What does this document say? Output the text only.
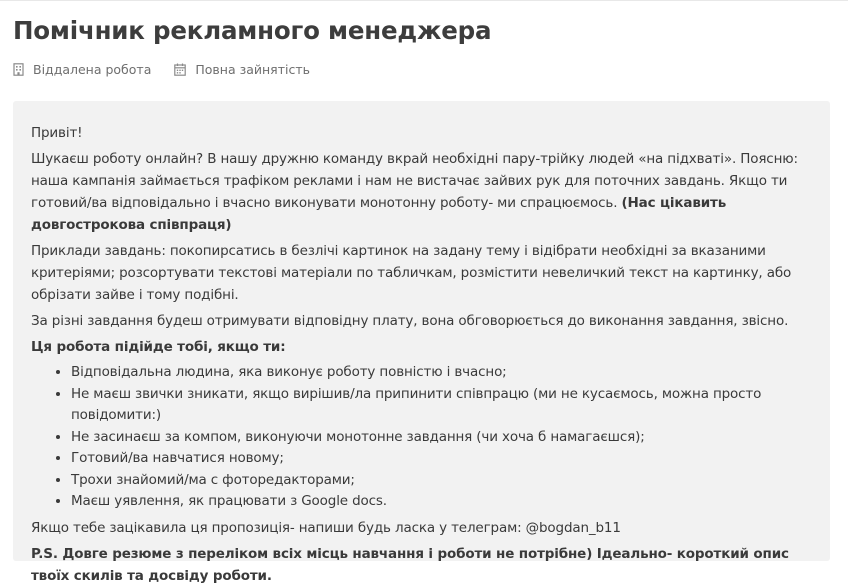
Помічник рекламного менеджера
Віддалена робота	Повна зайнятість

Привіт!

Шукаєш роботу онлайн? В нашу дружню команду вкрай необхідні пару-трійку людей «на підхваті». Поясню: наша кампанія займається трафіком реклами і нам не вистачає зайвих рук для поточних завдань. Якщо ти готовий/ва відповідально і вчасно виконувати монотонну роботу- ми спрацюємось. (Нас цікавить довгострокова співпраця)

Приклади завдань: покопирсатись в безлічі картинок на задану тему і відібрати необхідні за вказаними критеріями; розсортувати текстові матеріали по табличкам, розмістити невеличкий текст на картинку, або обрізати зайве і тому подібні.

За різні завдання будеш отримувати відповідну плату, вона обговорюється до виконання завдання, звісно.

Ця робота підійде тобі, якщо ти:

• Відповідальна людина, яка виконує роботу повністю і вчасно;
• Не маєш звички зникати, якщо вирішив/ла припинити співпрацю (ми не кусаємось, можна просто повідомити:)
• Не засинаєш за компом, виконуючи монотонне завдання (чи хоча б намагаєшся);
• Готовий/ва навчатися новому;
• Трохи знайомий/ма с фоторедакторами;
• Маєш уявлення, як працювати з Google docs.

Якщо тебе зацікавила ця пропозиція- напиши будь ласка у телеграм: @bogdan_b11

P.S. Довге резюме з переліком всіх місць навчання і роботи не потрібне) Ідеально- короткий опис твоїх скилів та досвіду роботи.
